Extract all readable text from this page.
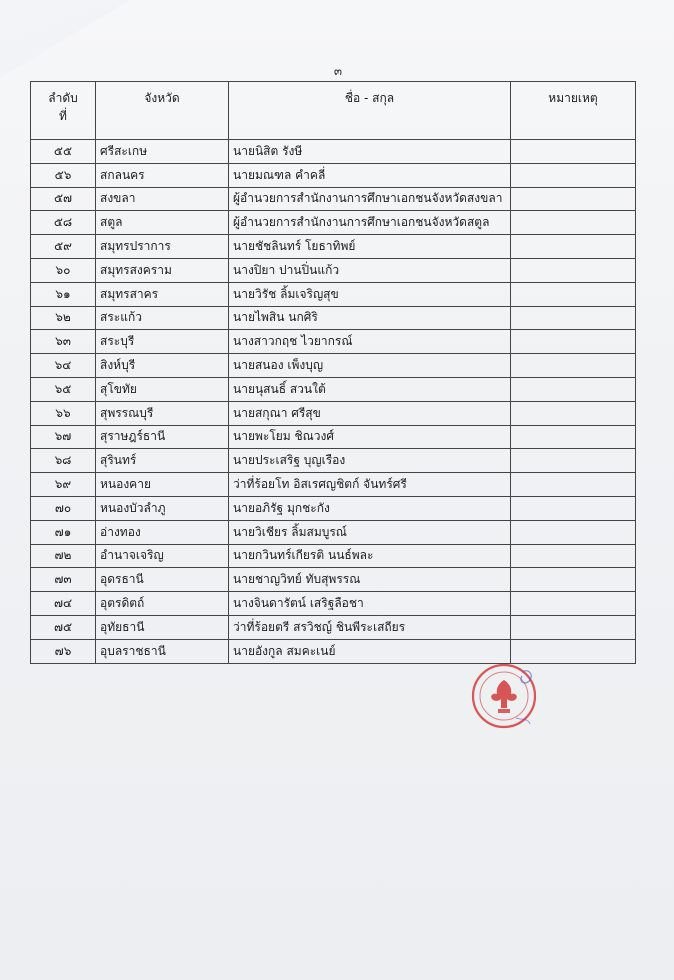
๓
ลำดับ
ที่	จังหวัด	ชื่อ - สกุล	หมายเหตุ
๕๕	ศรีสะเกษ	นายนิสิต รังษี	
๕๖	สกลนคร	นายมณฑล คำคลี่	
๕๗	สงขลา	ผู้อำนวยการสำนักงานการศึกษาเอกชนจังหวัดสงขลา	
๕๘	สตูล	ผู้อำนวยการสำนักงานการศึกษาเอกชนจังหวัดสตูล	
๕๙	สมุทรปราการ	นายชัชลินทร์ โยธาทิพย์	
๖๐	สมุทรสงคราม	นางปิยา ปานปิ่นแก้ว	
๖๑	สมุทรสาคร	นายวิรัช ลิ้มเจริญสุข	
๖๒	สระแก้ว	นายไพสิน นกศิริ	
๖๓	สระบุรี	นางสาวกฤช ไวยากรณ์	
๖๔	สิงห์บุรี	นายสนอง เพ็งบุญ	
๖๕	สุโขทัย	นายนุสนธิ์ สวนใต้	
๖๖	สุพรรณบุรี	นายสกุณา ศรีสุข	
๖๗	สุราษฎร์ธานี	นายพะโยม ชิณวงศ์	
๖๘	สุรินทร์	นายประเสริฐ บุญเรือง	
๖๙	หนองคาย	ว่าที่ร้อยโท อิสเรศญชิตก์ จันทร์ศรี	
๗๐	หนองบัวลำภู	นายอภิรัฐ มุกชะกัง	
๗๑	อ่างทอง	นายวิเชียร ลิ้มสมบูรณ์	
๗๒	อำนาจเจริญ	นายกวินทร์เกียรติ นนธ์พละ	
๗๓	อุดรธานี	นายชาญวิทย์ ทับสุพรรณ	
๗๔	อุตรดิตถ์	นางจินดารัตน์ เสริฐลือชา	
๗๕	อุทัยธานี	ว่าที่ร้อยตรี สรวิชญ์ ชินพีระเสถียร	
๗๖	อุบลราชธานี	นายอังกูล สมคะเนย์	
